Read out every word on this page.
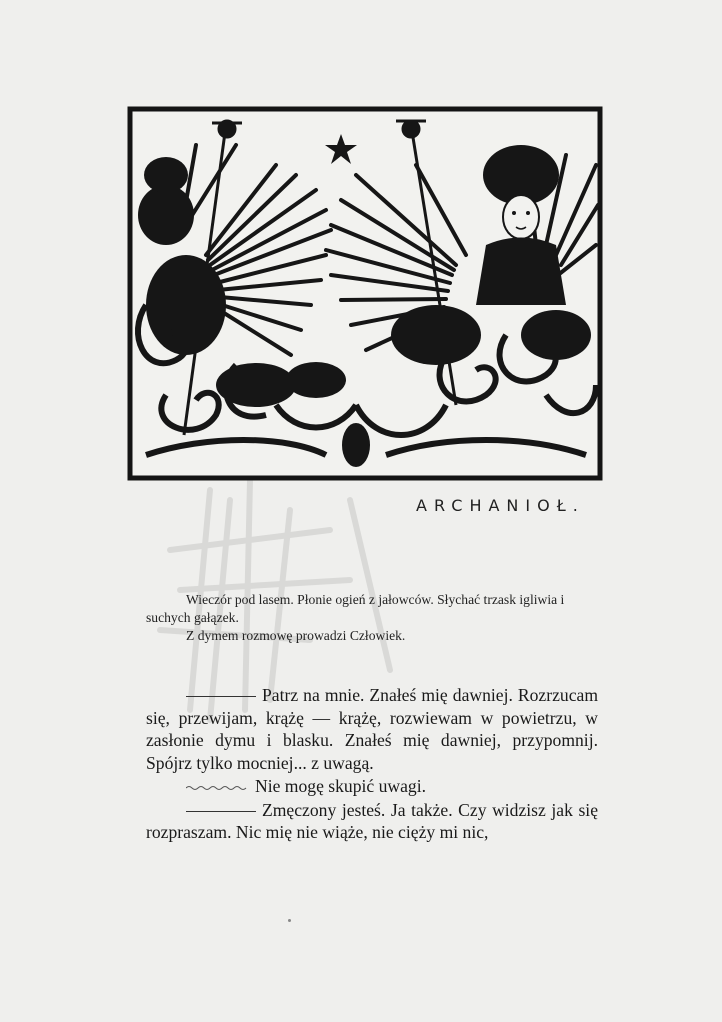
ARCHANIOŁ.

Wieczór pod lasem. Płonie ogień z jałowców. Słychać trzask igliwia i suchych gałązek.

Z dymem rozmowę prowadzi Człowiek.

Patrz na mnie. Znałeś mię dawniej. Rozrzucam się, przewijam, krążę — krążę, rozwiewam w powietrzu, w zasłonie dymu i blasku. Znałeś mię dawniej, przypomnij. Spójrz tylko mocniej... z uwagą.

Nie mogę skupić uwagi.

Zmęczony jesteś. Ja także. Czy widzisz jak się rozpraszam. Nic mię nie wiąże, nie cięży mi nic,
